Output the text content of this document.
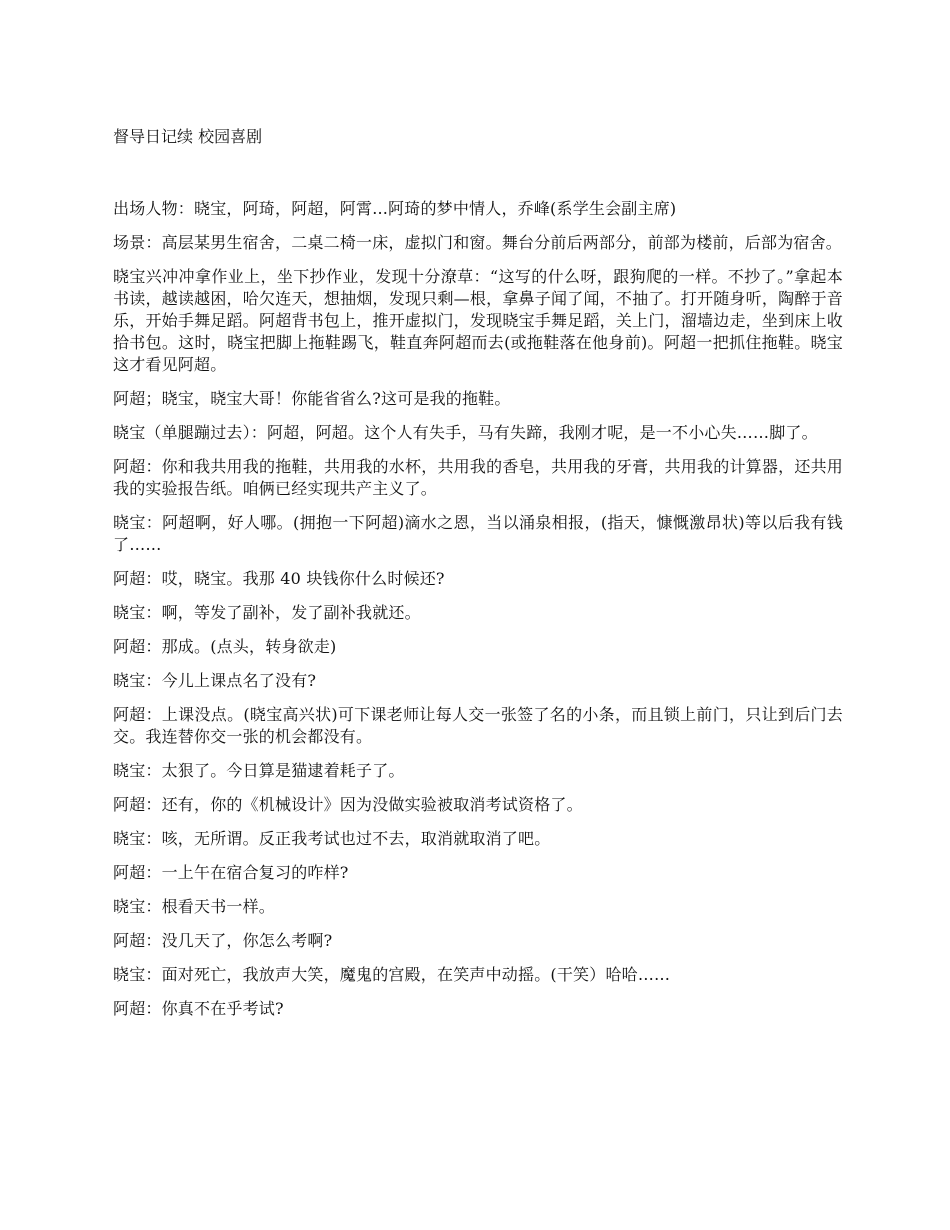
督导日记续 校园喜剧

出场人物：晓宝，阿琦，阿超，阿霄...阿琦的梦中情人，乔峰(系学生会副主席)

场景：高层某男生宿舍，二桌二椅一床，虚拟门和窗。舞台分前后两部分，前部为楼前，后部为宿舍。

晓宝兴冲冲拿作业上，坐下抄作业，发现十分潦草：“这写的什么呀，跟狗爬的一样。不抄了。”拿起本书读，越读越困，哈欠连天，想抽烟，发现只剩—根，拿鼻子闻了闻，不抽了。打开随身听，陶醉于音乐，开始手舞足蹈。阿超背书包上，推开虚拟门，发现晓宝手舞足蹈，关上门，溜墙边走，坐到床上收拾书包。这时，晓宝把脚上拖鞋踢飞，鞋直奔阿超而去(或拖鞋落在他身前)。阿超一把抓住拖鞋。晓宝这才看见阿超。

阿超；晓宝，晓宝大哥！你能省省么?这可是我的拖鞋。

晓宝（单腿蹦过去）：阿超，阿超。这个人有失手，马有失蹄，我刚才呢，是一不小心失……脚了。

阿超：你和我共用我的拖鞋，共用我的水杯，共用我的香皂，共用我的牙膏，共用我的计算器，还共用我的实验报告纸。咱俩已经实现共产主义了。

晓宝：阿超啊，好人哪。(拥抱一下阿超)滴水之恩，当以涌泉相报，(指天，慷慨激昂状)等以后我有钱了……

阿超：哎，晓宝。我那 40 块钱你什么时候还?

晓宝：啊，等发了副补，发了副补我就还。

阿超：那成。(点头，转身欲走)

晓宝：今儿上课点名了没有?

阿超：上课没点。(晓宝高兴状)可下课老师让每人交一张签了名的小条，而且锁上前门，只让到后门去交。我连替你交一张的机会都没有。

晓宝：太狠了。今日算是猫逮着耗子了。

阿超：还有，你的《机械设计》因为没做实验被取消考试资格了。

晓宝：咳，无所谓。反正我考试也过不去，取消就取消了吧。

阿超：一上午在宿合复习的咋样?

晓宝：根看天书一样。

阿超：没几天了，你怎么考啊?

晓宝：面对死亡，我放声大笑，魔鬼的宫殿，在笑声中动摇。(干笑）哈哈……

阿超：你真不在乎考试?
